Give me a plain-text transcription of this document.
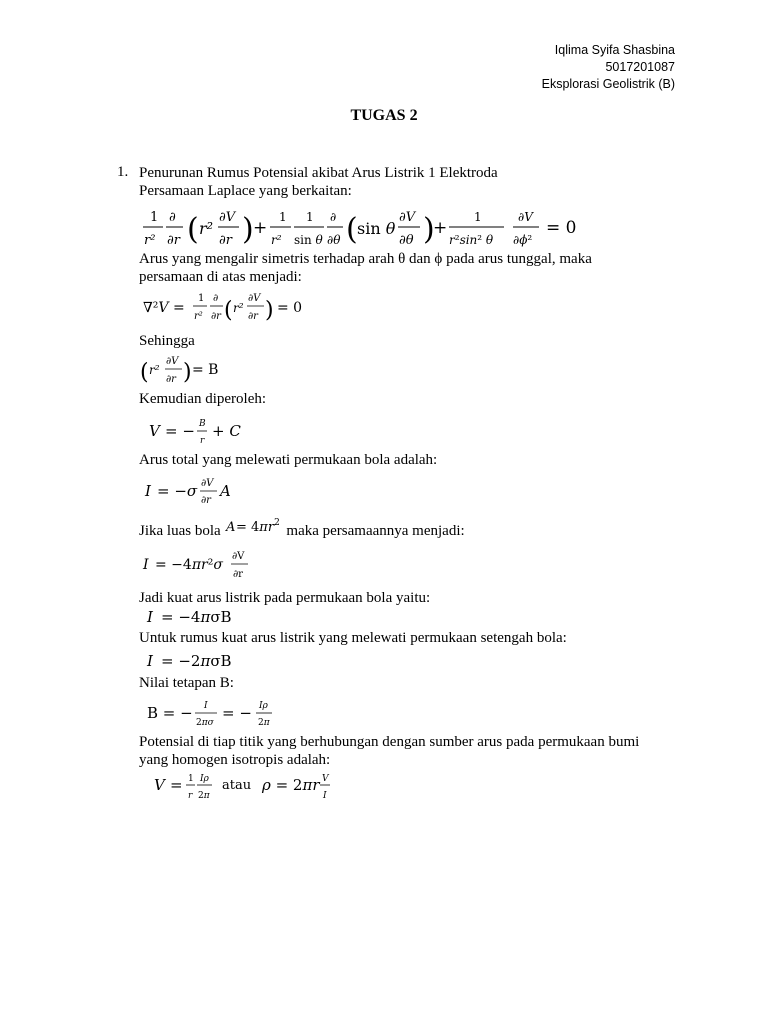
Iqlima Syifa Shasbina
5017201087
Eksplorasi Geolistrik (B)
TUGAS 2
1. Penurunan Rumus Potensial akibat Arus Listrik 1 Elektroda
Persamaan Laplace yang berkaitan:
1
r²
∂
∂r ( r²
∂V
∂r ) +
1
r²
1
sin θ
∂
∂θ ( sin θ
∂V
∂θ )
+
1
r²sin² θ
∂V
∂ϕ²
= 0
Arus yang mengalir simetris terhadap arah θ dan ϕ pada arus tunggal, maka
persamaan di atas menjadi:
∇²V =
1
r²
∂
∂r ( r²
∂V
∂r ) = 0
Sehingga
( r²
∂V
∂r ) = B
Kemudian diperoleh:
V = − B
r
+ C
Arus total yang melewati permukaan bola adalah:
I = −σ ∂V
∂r
A
Jika luas bola $A = 4\pi r^2$ maka persamaannya menjadi:
I = −4πr²σ
∂V
∂r
Jadi kuat arus listrik pada permukaan bola yaitu:
I = −4πσB
Untuk rumus kuat arus listrik yang melewati permukaan setengah bola:
I = −2πσB
Nilai tetapan B:
B = − I
2πσ
= − Iρ
2π
Potensial di tiap titik yang berhubungan dengan sumber arus pada permukaan bumi
yang homogen isotropis adalah:
V = 1
r
Iρ
2π
atau ρ = 2πr V
I
